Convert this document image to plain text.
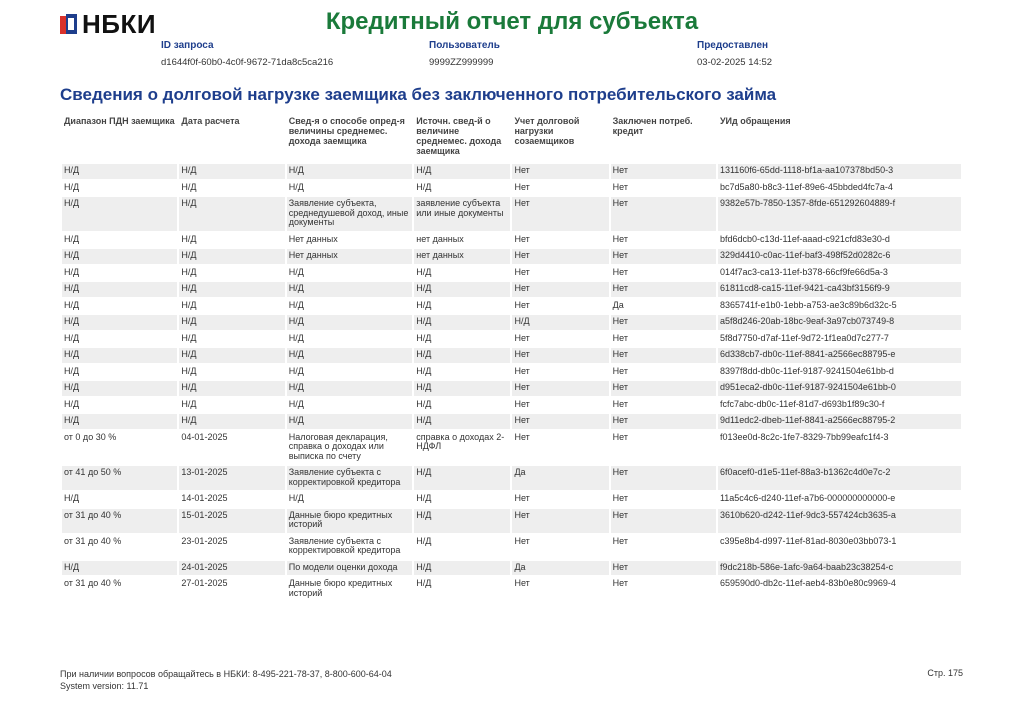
НБКИ	Кредитный отчет для субъекта
ID запроса
d1644f0f-60b0-4c0f-9672-71da8c5ca216
Пользователь
9999ZZ999999
Предоставлен
03-02-2025 14:52
Сведения о долговой нагрузке заемщика без заключенного потребительского займа
Диапазон ПДН заемщика	Дата расчета	Свед-я о способе опред-я величины среднемес. дохода заемщика	Источн. свед-й о величине среднемес. дохода заемщика	Учет долговой нагрузки созаемщиков	Заключен потреб. кредит	УИд обращения
Н/Д	Н/Д	Н/Д	Н/Д	Нет	Нет	131160f6-65dd-1118-bf1a-aa107378bd50-3
Н/Д	Н/Д	Н/Д	Н/Д	Нет	Нет	bc7d5a80-b8c3-11ef-89e6-45bbded4fc7a-4
Н/Д	Н/Д	Заявление субъекта, среднедушевой доход, иные документы	заявление субъекта или иные документы	Нет	Нет	9382e57b-7850-1357-8fde-651292604889-f
Н/Д	Н/Д	Нет данных	нет данных	Нет	Нет	bfd6dcb0-c13d-11ef-aaad-c921cfd83e30-d
Н/Д	Н/Д	Нет данных	нет данных	Нет	Нет	329d4410-c0ac-11ef-baf3-498f52d0282c-6
Н/Д	Н/Д	Н/Д	Н/Д	Нет	Нет	014f7ac3-ca13-11ef-b378-66cf9fe66d5a-3
Н/Д	Н/Д	Н/Д	Н/Д	Нет	Нет	61811cd8-ca15-11ef-9421-ca43bf3156f9-9
Н/Д	Н/Д	Н/Д	Н/Д	Нет	Да	8365741f-e1b0-1ebb-a753-ae3c89b6d32c-5
Н/Д	Н/Д	Н/Д	Н/Д	Н/Д	Нет	a5f8d246-20ab-18bc-9eaf-3a97cb073749-8
Н/Д	Н/Д	Н/Д	Н/Д	Нет	Нет	5f8d7750-d7af-11ef-9d72-1f1ea0d7c277-7
Н/Д	Н/Д	Н/Д	Н/Д	Нет	Нет	6d338cb7-db0c-11ef-8841-a2566ec88795-e
Н/Д	Н/Д	Н/Д	Н/Д	Нет	Нет	8397f8dd-db0c-11ef-9187-9241504e61bb-d
Н/Д	Н/Д	Н/Д	Н/Д	Нет	Нет	d951eca2-db0c-11ef-9187-9241504e61bb-0
Н/Д	Н/Д	Н/Д	Н/Д	Нет	Нет	fcfc7abc-db0c-11ef-81d7-d693b1f89c30-f
Н/Д	Н/Д	Н/Д	Н/Д	Нет	Нет	9d11edc2-dbeb-11ef-8841-a2566ec88795-2
от 0 до 30 %	04-01-2025	Налоговая декларация, справка о доходах или выписка по счету	справка о доходах 2-НДФЛ	Нет	Нет	f013ee0d-8c2c-1fe7-8329-7bb99eafc1f4-3
от 41 до 50 %	13-01-2025	Заявление субъекта с корректировкой кредитора	Н/Д	Да	Нет	6f0acef0-d1e5-11ef-88a3-b1362c4d0e7c-2
Н/Д	14-01-2025	Н/Д	Н/Д	Нет	Нет	11a5c4c6-d240-11ef-a7b6-000000000000-e
от 31 до 40 %	15-01-2025	Данные бюро кредитных историй	Н/Д	Нет	Нет	3610b620-d242-11ef-9dc3-557424cb3635-a
от 31 до 40 %	23-01-2025	Заявление субъекта с корректировкой кредитора	Н/Д	Нет	Нет	c395e8b4-d997-11ef-81ad-8030e03bb073-1
Н/Д	24-01-2025	По модели оценки дохода	Н/Д	Да	Нет	f9dc218b-586e-1afc-9a64-baab23c38254-c
от 31 до 40 %	27-01-2025	Данные бюро кредитных историй	Н/Д	Нет	Нет	659590d0-db2c-11ef-aeb4-83b0e80c9969-4
При наличии вопросов обращайтесь в НБКИ: 8-495-221-78-37, 8-800-600-64-04
System version: 11.71
Стр. 175
